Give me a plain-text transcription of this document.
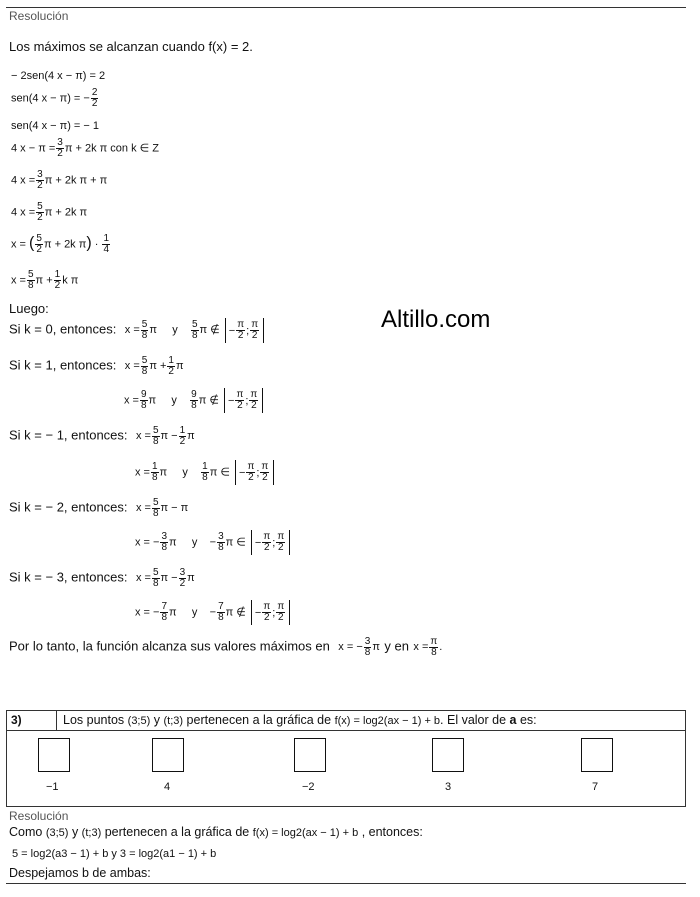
Resolución
Los máximos se alcanzan cuando f(x) = 2.
− 2sen(4 x − π) = 2
sen(4 x − π) = − $\frac{2}{2}$
sen(4 x − π) = − 1
4 $x - \pi = \frac{3}{2}$ π + 2k π con k ∈ Z
4 $x = \frac{3}{2}$ π + 2k π + π
4 $x = \frac{5}{2}$ π + 2k π
x = ( $\frac{5}{2}$ π + 2k $\pi) \cdot \frac{1}{4}$
$x = \frac{5}{8}$ $\pi + \frac{1}{2}$ k π
Luego:	Altillo.com
Si k = 0, entonces: $x = \frac{5}{8}$ π     y $\frac{5}{8}$ π ∉ − $\frac{\pi}{2}$ ; $\frac{\pi}{2}$
Si k = 1, entonces: $x = \frac{5}{8}$ $\pi + \frac{1}{2}$ π
$x = \frac{9}{8}$ π     y $\frac{9}{8}$ π ∉ − $\frac{\pi}{2}$ ; $\frac{\pi}{2}$
Si k = − 1, entonces: $x = \frac{5}{8}$ $\pi - \frac{1}{2}$ π
$x = \frac{1}{8}$ π     y $\frac{1}{8}$ π ∈ − $\frac{\pi}{2}$ ; $\frac{\pi}{2}$
Si k = − 2, entonces: $x = \frac{5}{8}$ π − π
x = − $\frac{3}{8}$ π     y    − $\frac{3}{8}$ π ∈ − $\frac{\pi}{2}$ ; $\frac{\pi}{2}$
Si k = − 3, entonces: $x = \frac{5}{8}$ $\pi - \frac{3}{2}$ π
x = − $\frac{7}{8}$ π     y    − $\frac{7}{8}$ π ∉ − $\frac{\pi}{2}$ ; $\frac{\pi}{2}$
Por lo tanto, la función alcanza sus valores máximos en x = − $\frac{3}{8}$ π y en $x = \frac{\pi}{8}$ .
3)	Los puntos (3;5) y (t;3) pertenecen a la gráfica de f(x) = log2(ax − 1) + b. El valor de a es:
−1	4	−2	3	7
Resolución
Como (3;5) y (t;3) pertenecen a la gráfica de f(x) = log2(ax − 1) + b , entonces:
5 = log2(a3 − 1) + b y 3 = log2(a1 − 1) + b
Despejamos b de ambas:
